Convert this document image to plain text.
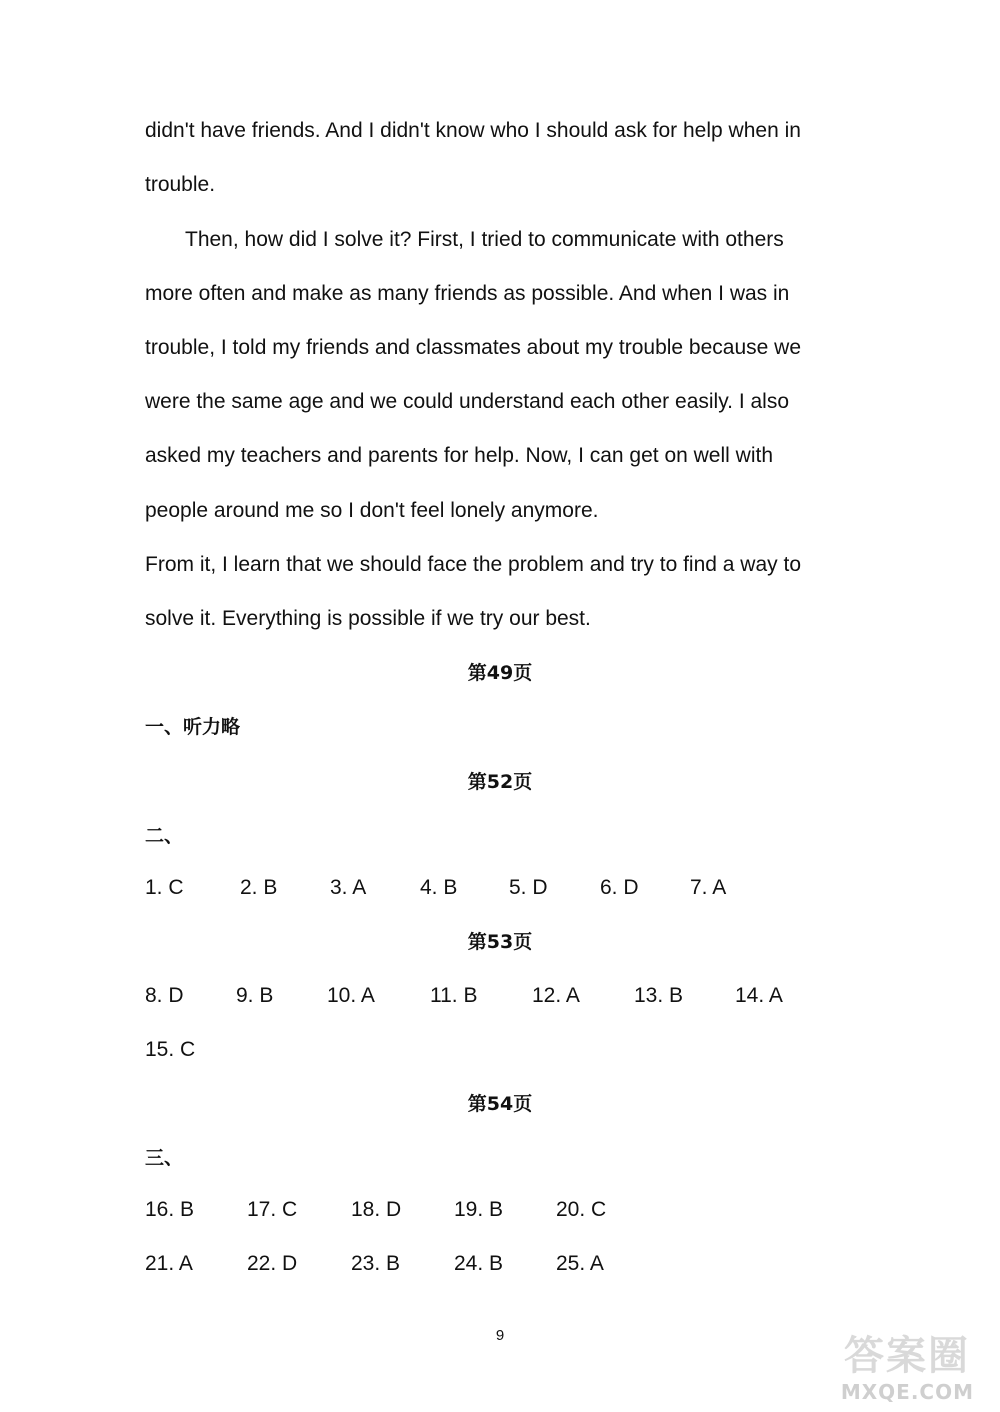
didn't have friends. And I didn't know who I should ask for help when in
trouble.
Then, how did I solve it? First, I tried to communicate with others
more often and make as many friends as possible. And when I was in
trouble, I told my friends and classmates about my trouble because we
were the same age and we could understand each other easily. I also
asked my teachers and parents for help. Now, I can get on well with
people around me so I don't feel lonely anymore.
From it, I learn that we should face the problem and try to find a way to
solve it. Everything is possible if we try our best.
第49页
一、听力略
第52页
二、
1. C	2. B	3. A	4. B 5. D 6. D 7. A
第53页
8. D 9. B	10. A	11. B	12. A	13. B 14. A
15. C
第54页
三、
16. B	17. C	18. D	19. B	20. C
21. A	22. D	23. B	24. B	25. A
9	答案圈
MXQE.COM
